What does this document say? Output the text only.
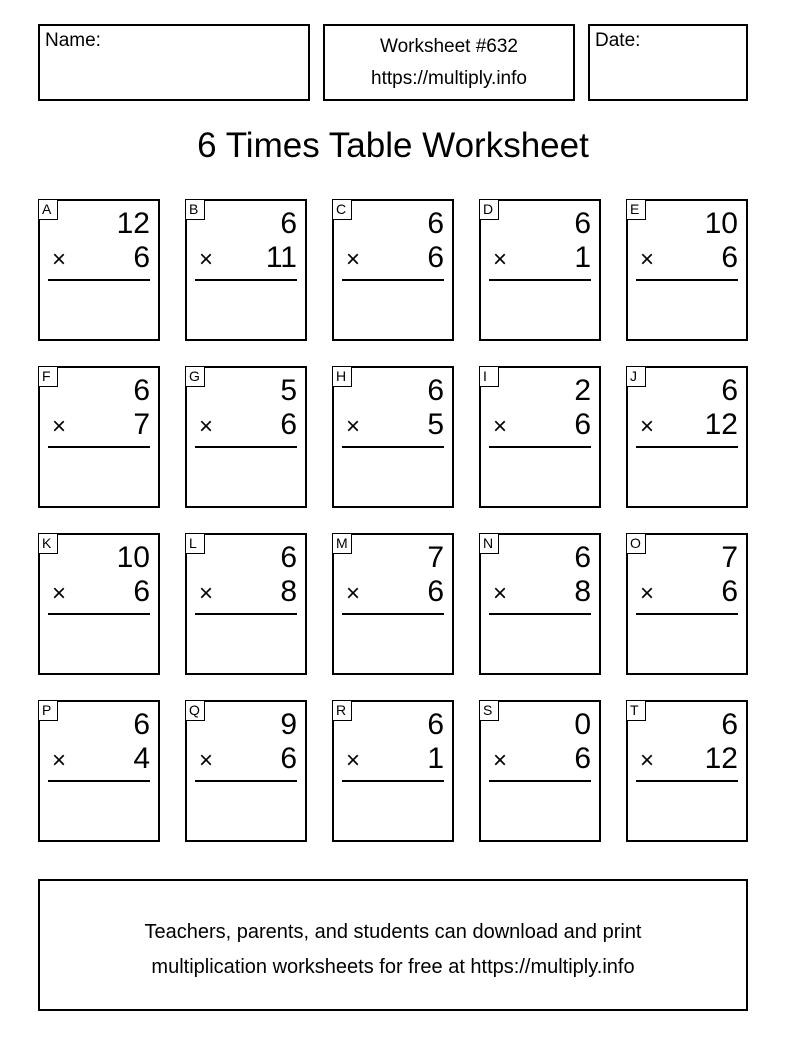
Name:	Worksheet #632
https://multiply.info
Date:
6 Times Table Worksheet
A 12
× 6
B	6
× 11
C	6
× 6
D	6
× 1
E 10
× 6
F	6
× 7
G	5
× 6
H	6
× 5
I	2
× 6
J	6
× 12
K 10
× 6
L	6
× 8
M	7
× 6
N	6
× 8
O	7
× 6
P	6
× 4
Q	9
× 6
R	6
× 1
S	0
× 6
T	6
× 12
Teachers, parents, and students can download and print
multiplication worksheets for free at https://multiply.info
